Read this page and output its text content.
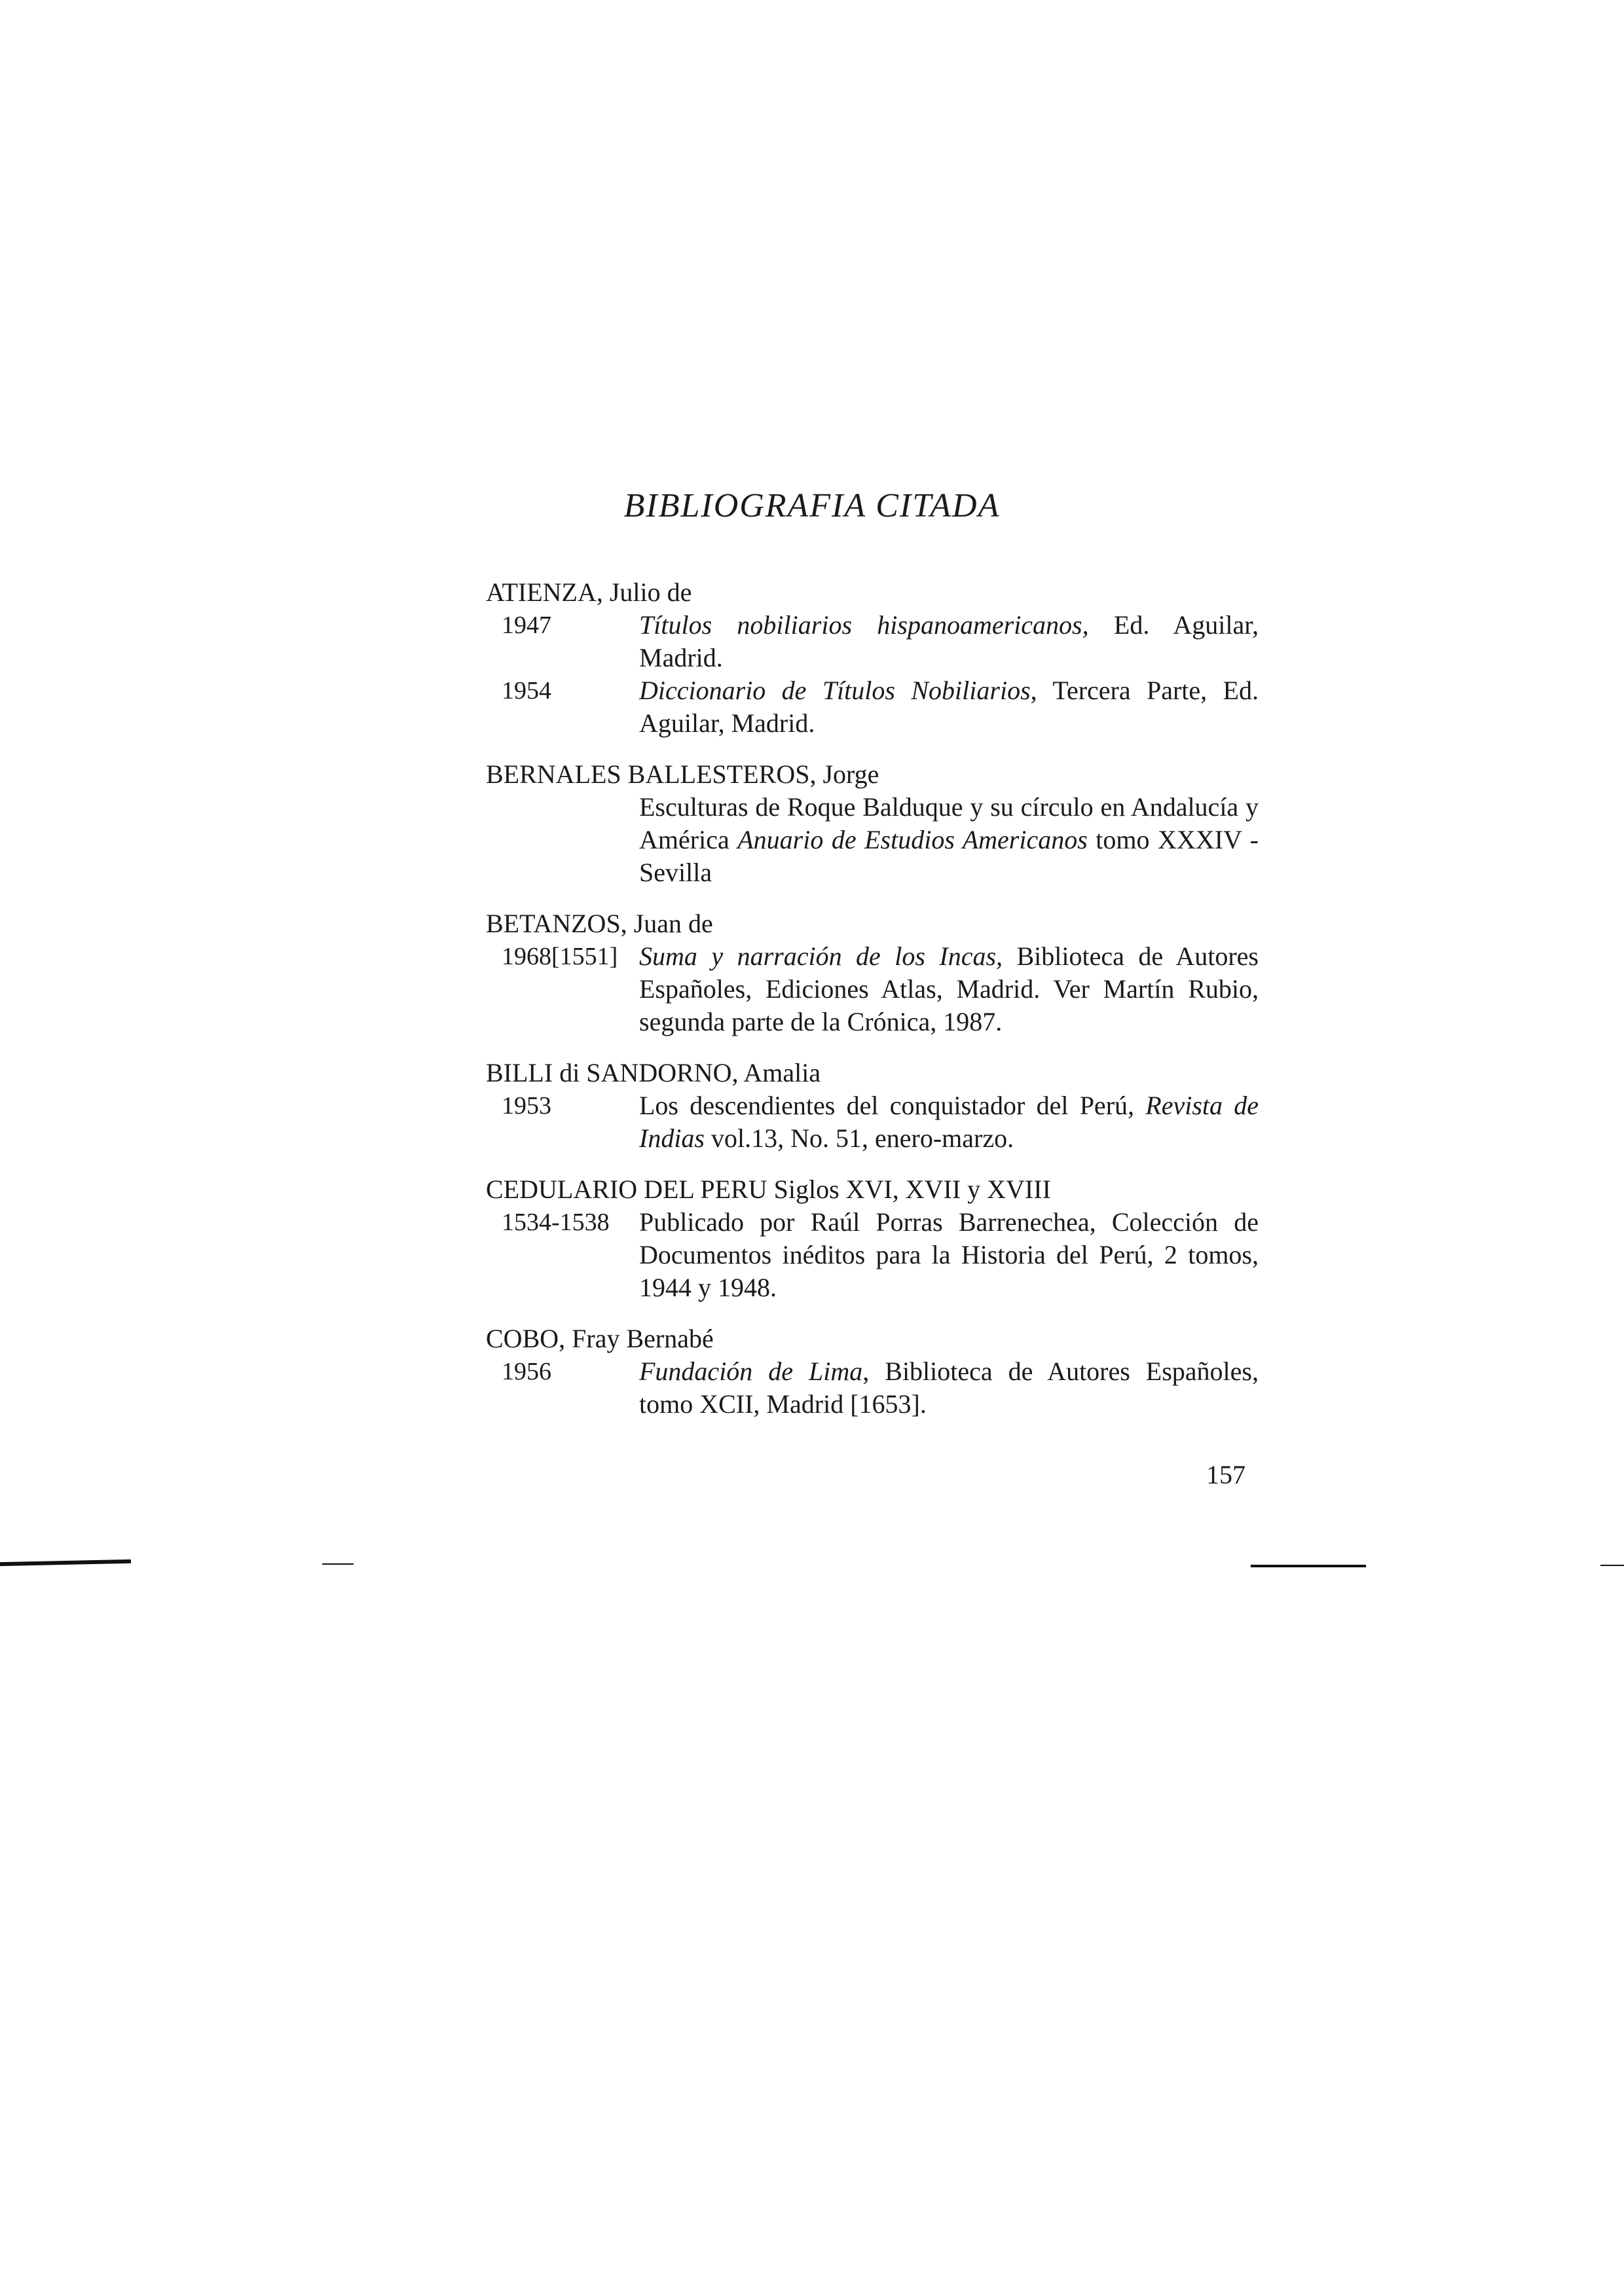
BIBLIOGRAFIA CITADA
ATIENZA, Julio de
1947	Títulos nobiliarios hispanoamericanos, Ed. Aguilar, Madrid.
1954	Diccionario de Títulos Nobiliarios, Tercera Parte, Ed. Aguilar, Madrid.
BERNALES BALLESTEROS, Jorge
Esculturas de Roque Balduque y su círculo en Andalucía y América Anuario de Estudios Americanos tomo XXXIV - Sevilla
BETANZOS, Juan de
1968[1551] Suma y narración de los Incas, Biblioteca de Autores Españoles, Ediciones Atlas, Madrid. Ver Martín Rubio, segunda parte de la Crónica, 1987.
BILLI di SANDORNO, Amalia
1953	Los descendientes del conquistador del Perú, Revista de Indias vol.13, No. 51, enero-marzo.
CEDULARIO DEL PERU Siglos XVI, XVII y XVIII
1534-1538	Publicado por Raúl Porras Barrenechea, Colección de Documentos inéditos para la Historia del Perú, 2 tomos, 1944 y 1948.
COBO, Fray Bernabé
1956	Fundación de Lima, Biblioteca de Autores Españoles, tomo XCII, Madrid [1653].
157
